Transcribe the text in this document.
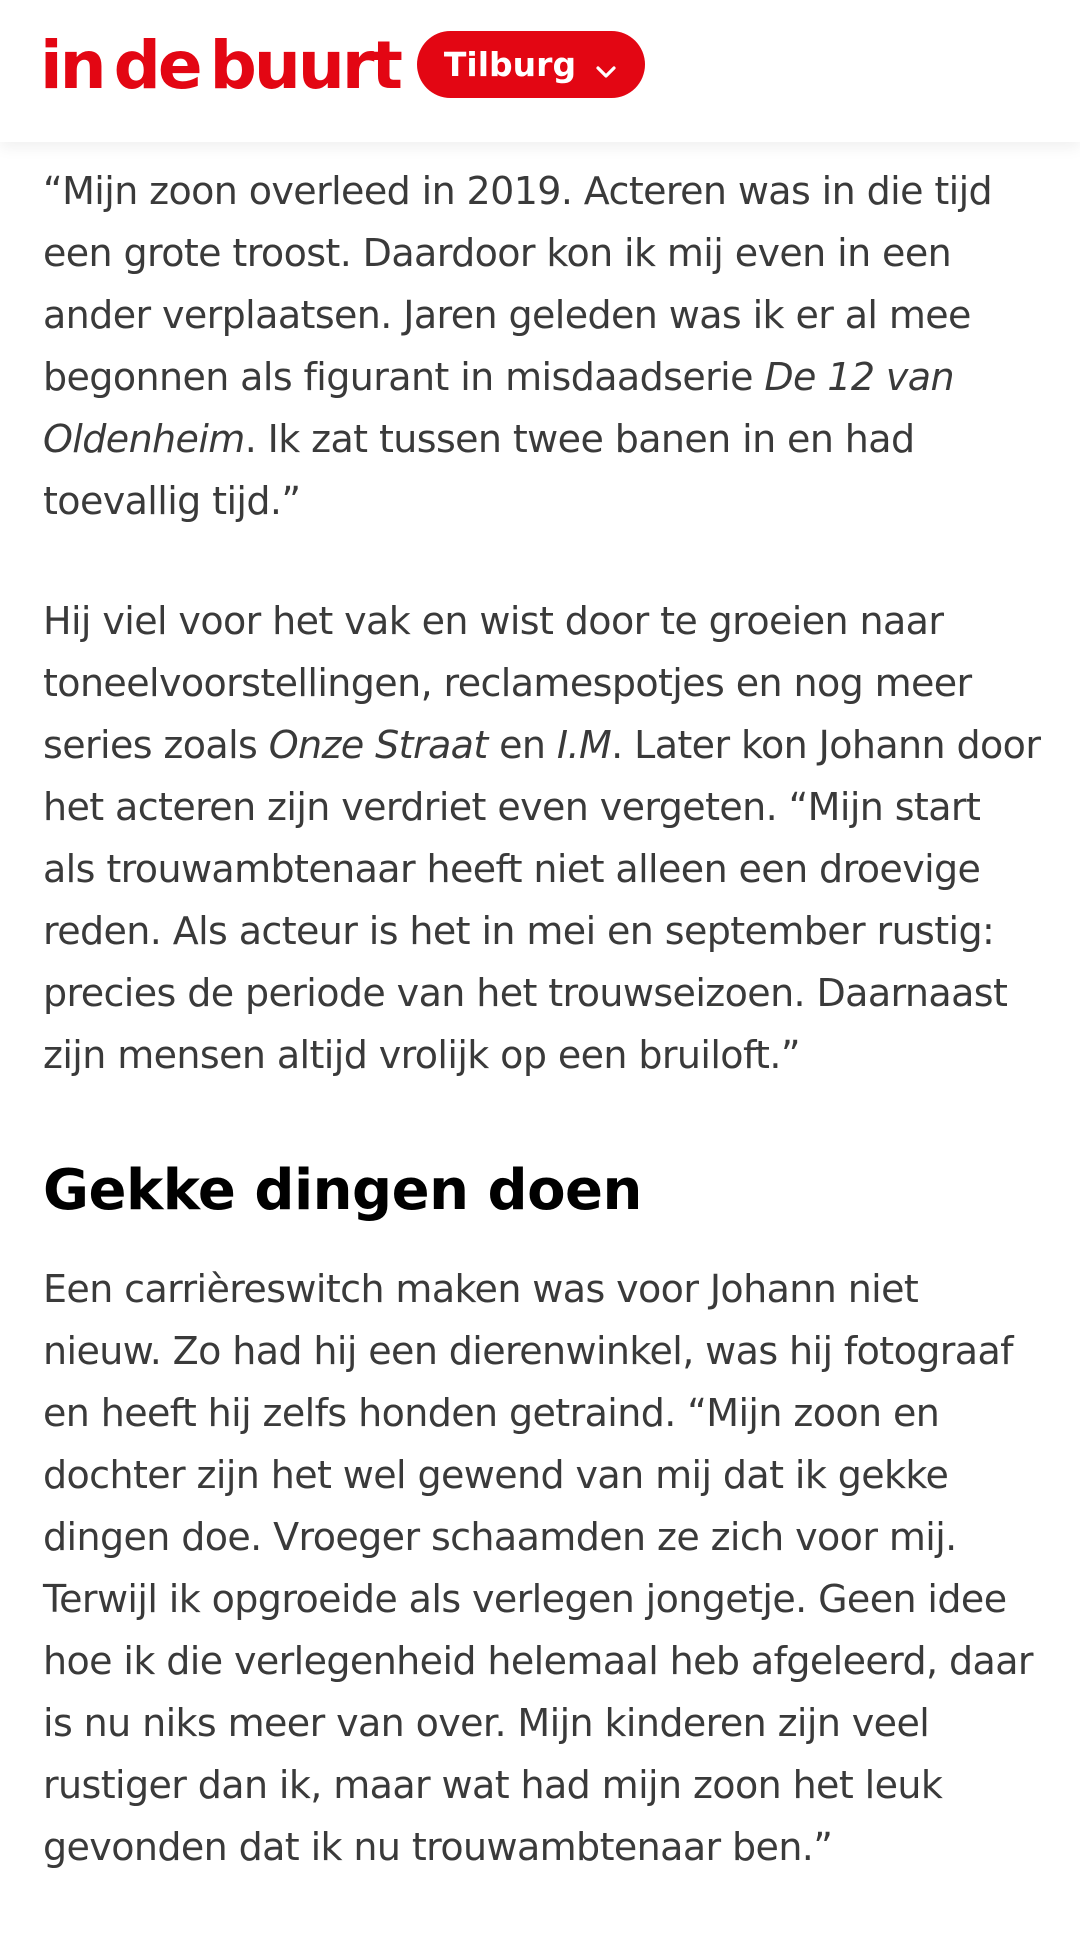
in de buurt Tilburg

“Mijn zoon overleed in 2019. Acteren was in die tijd een grote troost. Daardoor kon ik mij even in een ander verplaatsen. Jaren geleden was ik er al mee begonnen als figurant in misdaadserie De 12 van Oldenheim. Ik zat tussen twee banen in en had toevallig tijd.”

Hij viel voor het vak en wist door te groeien naar toneelvoorstellingen, reclamespotjes en nog meer series zoals Onze Straat en I.M. Later kon Johann door het acteren zijn verdriet even vergeten. “Mijn start als trouwambtenaar heeft niet alleen een droevige reden. Als acteur is het in mei en september rustig: precies de periode van het trouwseizoen. Daarnaast zijn mensen altijd vrolijk op een bruiloft.”

Gekke dingen doen

Een carrièreswitch maken was voor Johann niet nieuw. Zo had hij een dierenwinkel, was hij fotograaf en heeft hij zelfs honden getraind. “Mijn zoon en dochter zijn het wel gewend van mij dat ik gekke dingen doe. Vroeger schaamden ze zich voor mij. Terwijl ik opgroeide als verlegen jongetje. Geen idee hoe ik die verlegenheid helemaal heb afgeleerd, daar is nu niks meer van over. Mijn kinderen zijn veel rustiger dan ik, maar wat had mijn zoon het leuk gevonden dat ik nu trouwambtenaar ben.”
